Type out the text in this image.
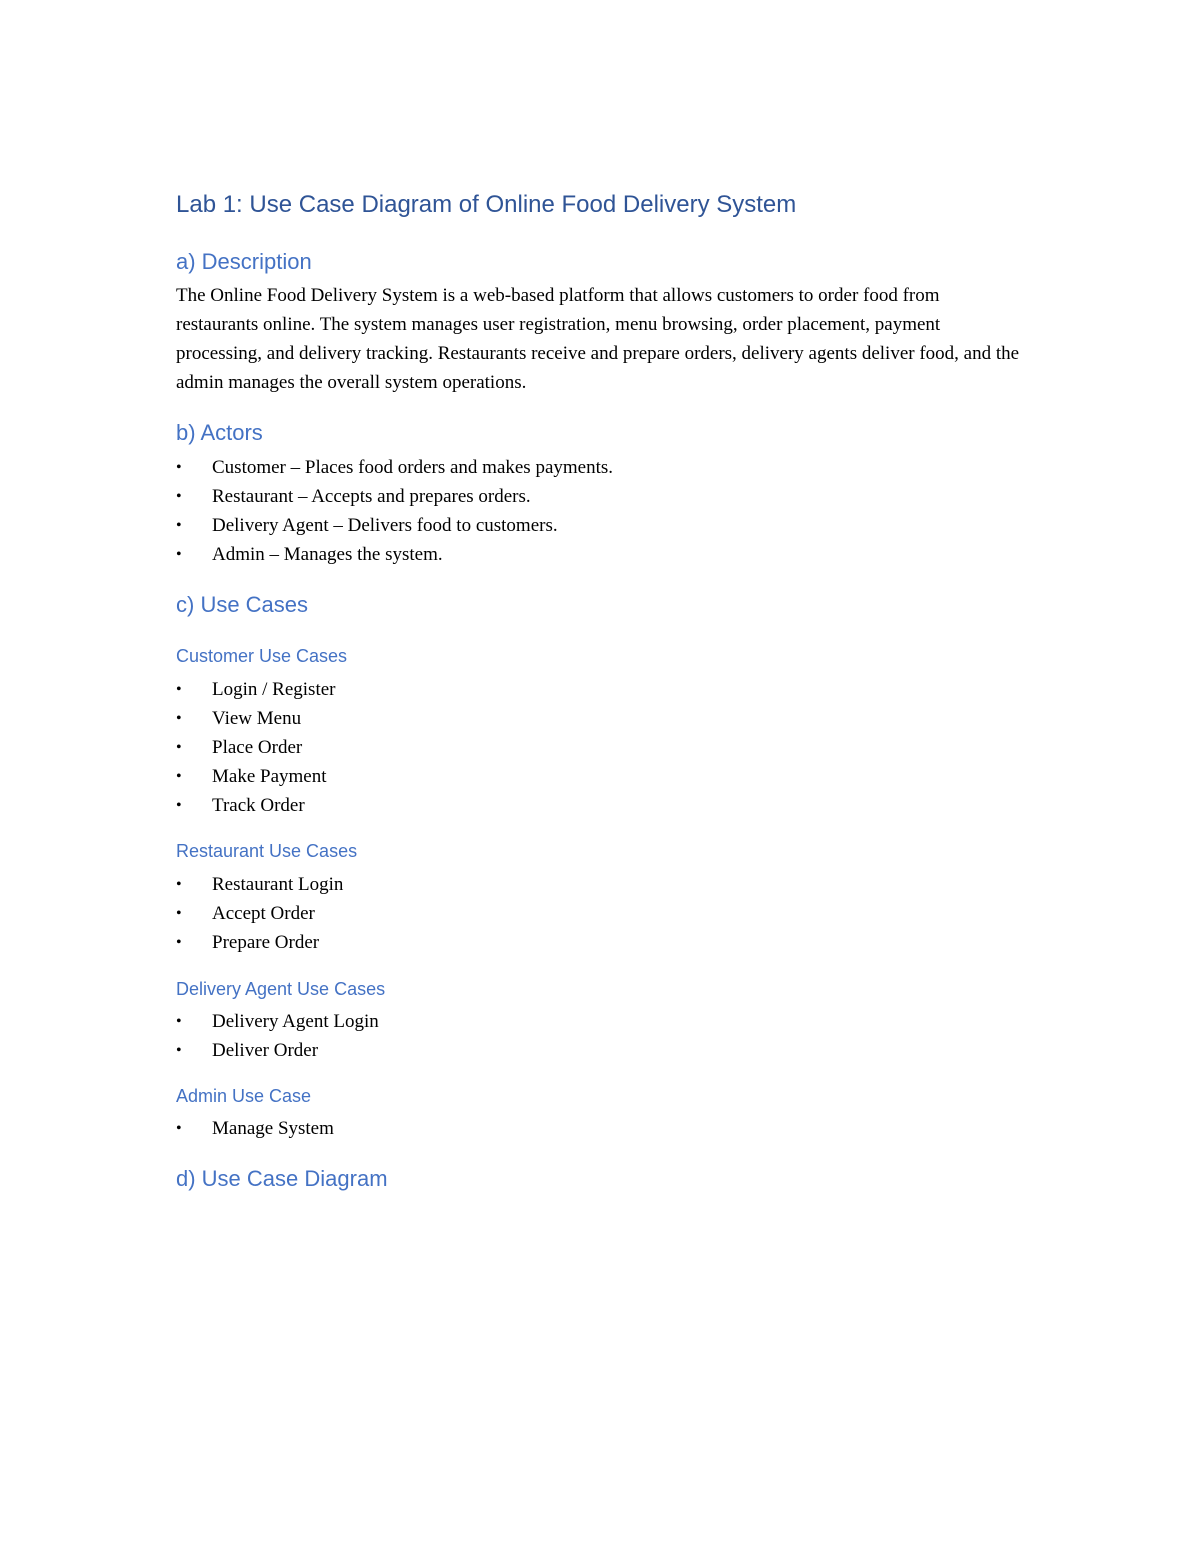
Lab 1: Use Case Diagram of Online Food Delivery System
a) Description

The Online Food Delivery System is a web-based platform that allows customers to order food from restaurants online. The system manages user registration, menu browsing, order placement, payment processing, and delivery tracking. Restaurants receive and prepare orders, delivery agents deliver food, and the admin manages the overall system operations.

b) Actors
•	Customer – Places food orders and makes payments.
•	Restaurant – Accepts and prepares orders.
•	Delivery Agent – Delivers food to customers.
•	Admin – Manages the system.
c) Use Cases
Customer Use Cases
•	Login / Register
•	View Menu
•	Place Order
•	Make Payment
•	Track Order
Restaurant Use Cases
•	Restaurant Login
•	Accept Order
•	Prepare Order
Delivery Agent Use Cases
•	Delivery Agent Login
•	Deliver Order
Admin Use Case
•	Manage System
d) Use Case Diagram
